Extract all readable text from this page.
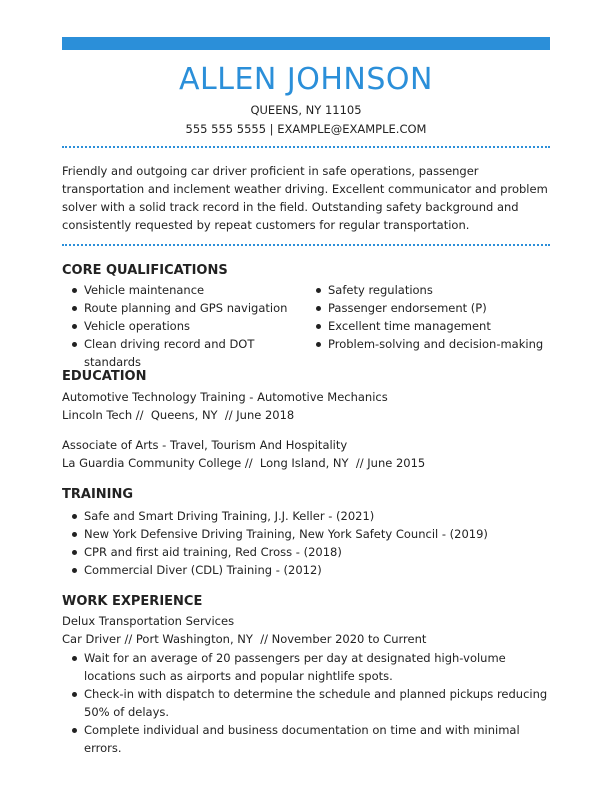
ALLEN JOHNSON
QUEENS, NY 11105
555 555 5555 | EXAMPLE@EXAMPLE.COM

Friendly and outgoing car driver proficient in safe operations, passenger transportation and inclement weather driving. Excellent communicator and problem solver with a solid track record in the field. Outstanding safety background and consistently requested by repeat customers for regular transportation.

CORE QUALIFICATIONS
Vehicle maintenance
Route planning and GPS navigation
Vehicle operations
Clean driving record and DOT standards
Safety regulations
Passenger endorsement (P)
Excellent time management
Problem-solving and decision-making
EDUCATION
Automotive Technology Training - Automotive Mechanics
Lincoln Tech //  Queens, NY  // June 2018
Associate of Arts - Travel, Tourism And Hospitality
La Guardia Community College //  Long Island, NY  // June 2015
TRAINING
Safe and Smart Driving Training, J.J. Keller - (2021)
New York Defensive Driving Training, New York Safety Council - (2019)
CPR and first aid training, Red Cross - (2018)
Commercial Diver (CDL) Training - (2012)
WORK EXPERIENCE
Delux Transportation Services
Car Driver // Port Washington, NY  // November 2020 to Current
Wait for an average of 20 passengers per day at designated high-volume locations such as airports and popular nightlife spots.
Check-in with dispatch to determine the schedule and planned pickups reducing 50% of delays.
Complete individual and business documentation on time and with minimal errors.
